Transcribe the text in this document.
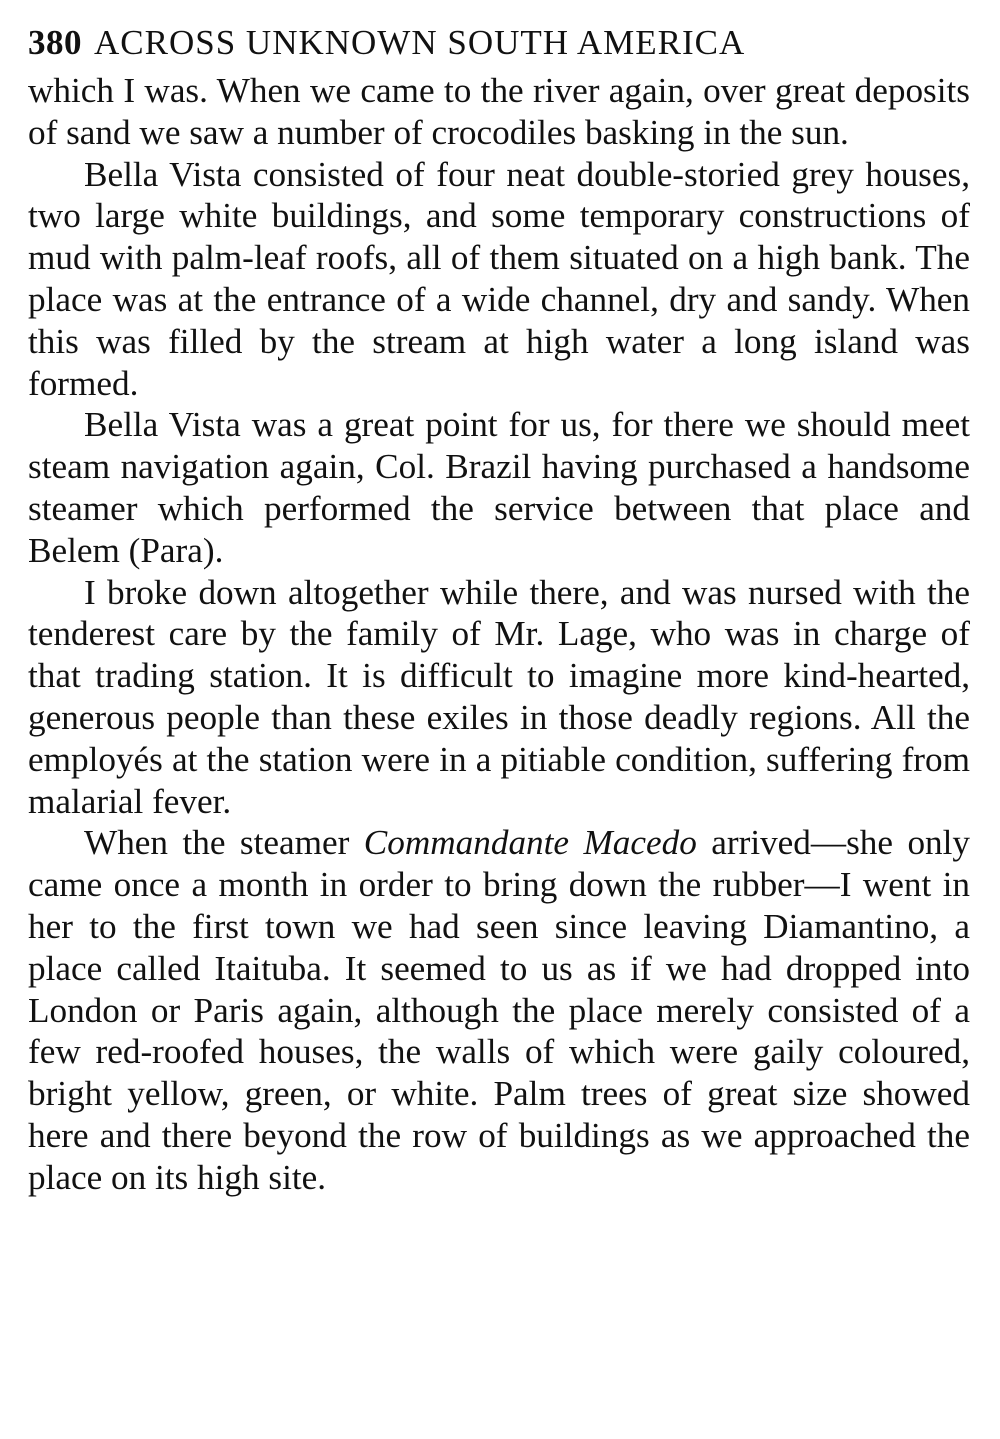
380 ACROSS UNKNOWN SOUTH AMERICA

which I was. When we came to the river again, over great deposits of sand we saw a number of crocodiles basking in the sun.

Bella Vista consisted of four neat double-storied grey houses, two large white buildings, and some temporary constructions of mud with palm-leaf roofs, all of them situated on a high bank. The place was at the entrance of a wide channel, dry and sandy. When this was filled by the stream at high water a long island was formed.

Bella Vista was a great point for us, for there we should meet steam navigation again, Col. Brazil having purchased a handsome steamer which performed the service between that place and Belem (Para).

I broke down altogether while there, and was nursed with the tenderest care by the family of Mr. Lage, who was in charge of that trading station. It is difficult to imagine more kind-hearted, generous people than these exiles in those deadly regions. All the employés at the station were in a pitiable condition, suffering from malarial fever.

When the steamer Commandante Macedo arrived—she only came once a month in order to bring down the rubber—I went in her to the first town we had seen since leaving Diamantino, a place called Itaituba. It seemed to us as if we had dropped into London or Paris again, although the place merely consisted of a few red-roofed houses, the walls of which were gaily coloured, bright yellow, green, or white. Palm trees of great size showed here and there beyond the row of buildings as we approached the place on its high site.
